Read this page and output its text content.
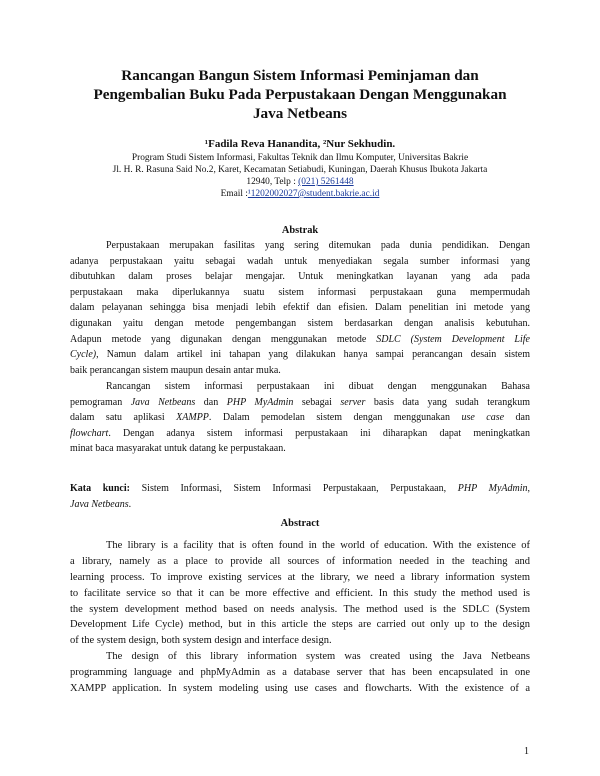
Rancangan Bangun Sistem Informasi Peminjaman dan
Pengembalian Buku Pada Perpustakaan Dengan Menggunakan
Java Netbeans
¹Fadila Reva Hanandita, ²Nur Sekhudin.
Program Studi Sistem Informasi, Fakultas Teknik dan Ilmu Komputer, Universitas Bakrie
Jl. H. R. Rasuna Said No.2, Karet, Kecamatan Setiabudi, Kuningan, Daerah Khusus Ibukota Jakarta
12940, Telp : (021) 5261448
Email :¹1202002027@student.bakrie.ac.id
Abstrak
Perpustakaan merupakan fasilitas yang sering ditemukan pada dunia pendidikan. Dengan
adanya perpustakaan yaitu sebagai wadah untuk menyediakan segala sumber informasi yang
dibutuhkan dalam proses belajar mengajar. Untuk meningkatkan layanan yang ada pada
perpustakaan maka diperlukannya suatu sistem informasi perpustakaan guna mempermudah
dalam pelayanan sehingga bisa menjadi lebih efektif dan efisien. Dalam penelitian ini metode yang
digunakan yaitu dengan metode pengembangan sistem berdasarkan dengan analisis kebutuhan.
Adapun metode yang digunakan dengan menggunakan metode SDLC (System Development Life
Cycle), Namun dalam artikel ini tahapan yang dilakukan hanya sampai perancangan desain sistem
baik perancangan sistem maupun desain antar muka.
Rancangan sistem informasi perpustakaan ini dibuat dengan menggunakan Bahasa
pemograman Java Netbeans dan PHP MyAdmin sebagai server basis data yang sudah terangkum
dalam satu aplikasi XAMPP. Dalam pemodelan sistem dengan menggunakan use case dan
flowchart. Dengan adanya sistem informasi perpustakaan ini diharapkan dapat meningkatkan
minat baca masyarakat untuk datang ke perpustakaan.
Kata kunci: Sistem Informasi, Sistem Informasi Perpustakaan, Perpustakaan, PHP MyAdmin,
Java Netbeans.
Abstract
The library is a facility that is often found in the world of education. With the existence of
a library, namely as a place to provide all sources of information needed in the teaching and
learning process. To improve existing services at the library, we need a library information system
to facilitate service so that it can be more effective and efficient. In this study the method used is
the system development method based on needs analysis. The method used is the SDLC (System
Development Life Cycle) method, but in this article the steps are carried out only up to the design
of the system design, both system design and interface design.
The design of this library information system was created using the Java Netbeans
programming language and phpMyAdmin as a database server that has been encapsulated in one
XAMPP application. In system modeling using use cases and flowcharts. With the existence of a
1
